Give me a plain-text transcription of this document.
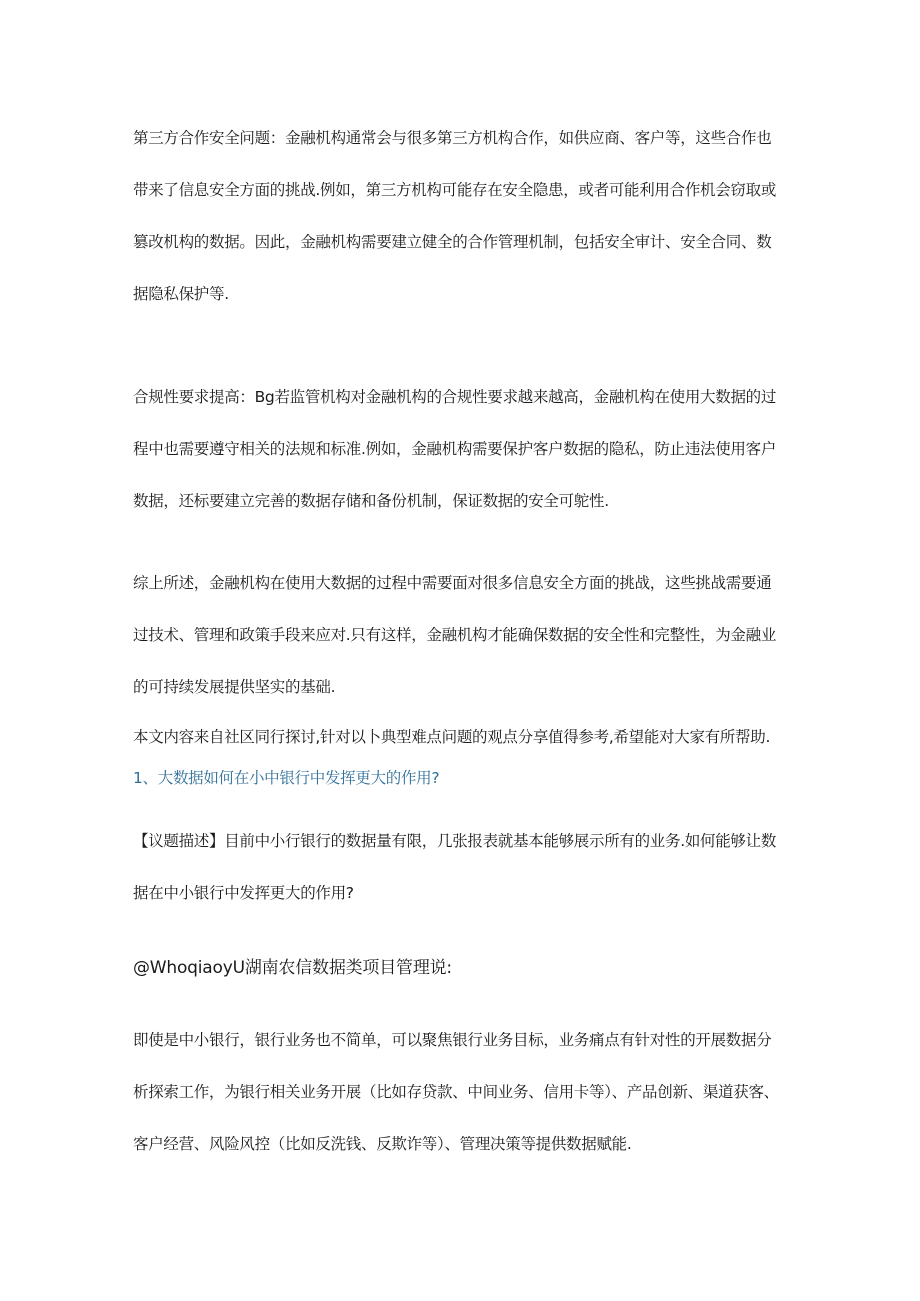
第三方合作安全问题：金融机构通常会与很多第三方机构合作，如供应商、客户等，这些合作也
带来了信息安全方面的挑战.例如，第三方机构可能存在安全隐患，或者可能利用合作机会窃取或
篡改机构的数据。因此，金融机构需要建立健全的合作管理机制，包括安全审计、安全合同、数
据隐私保护等.
合规性要求提高：Bg若监管机构对金融机构的合规性要求越来越高，金融机构在使用大数据的过
程中也需要遵守相关的法规和标准.例如，金融机构需要保护客户数据的隐私，防止违法使用客户
数据，还标要建立完善的数据存储和备份机制，保证数据的安全可鸵性.
综上所述，金融机构在使用大数据的过程中需要面对很多信息安全方面的挑战，这些挑战需要通
过技术、管理和政策手段来应对.只有这样，金融机构才能确保数据的安全性和完整性，为金融业
的可持续发展提供坚实的基础.
本文内容来自社区同行探讨,针对以卜典型难点问题的观点分享值得参考,希望能对大家有所帮助.
1、大数据如何在小中银行中发挥更大的作用?
【议题描述】目前中小行银行的数据量有限，几张报表就基本能够展示所有的业务.如何能够让数
据在中小银行中发挥更大的作用?
@WhoqiaoyU湖南农信数据类项目管理说:
即使是中小银行，银行业务也不简单，可以聚焦银行业务目标，业务痛点有针对性的开展数据分
析探索工作，为银行相关业务开展（比如存贷款、中间业务、信用卡等）、产品创新、渠道获客、
客户经营、风险风控（比如反洗钱、反欺诈等）、管理决策等提供数据赋能.
